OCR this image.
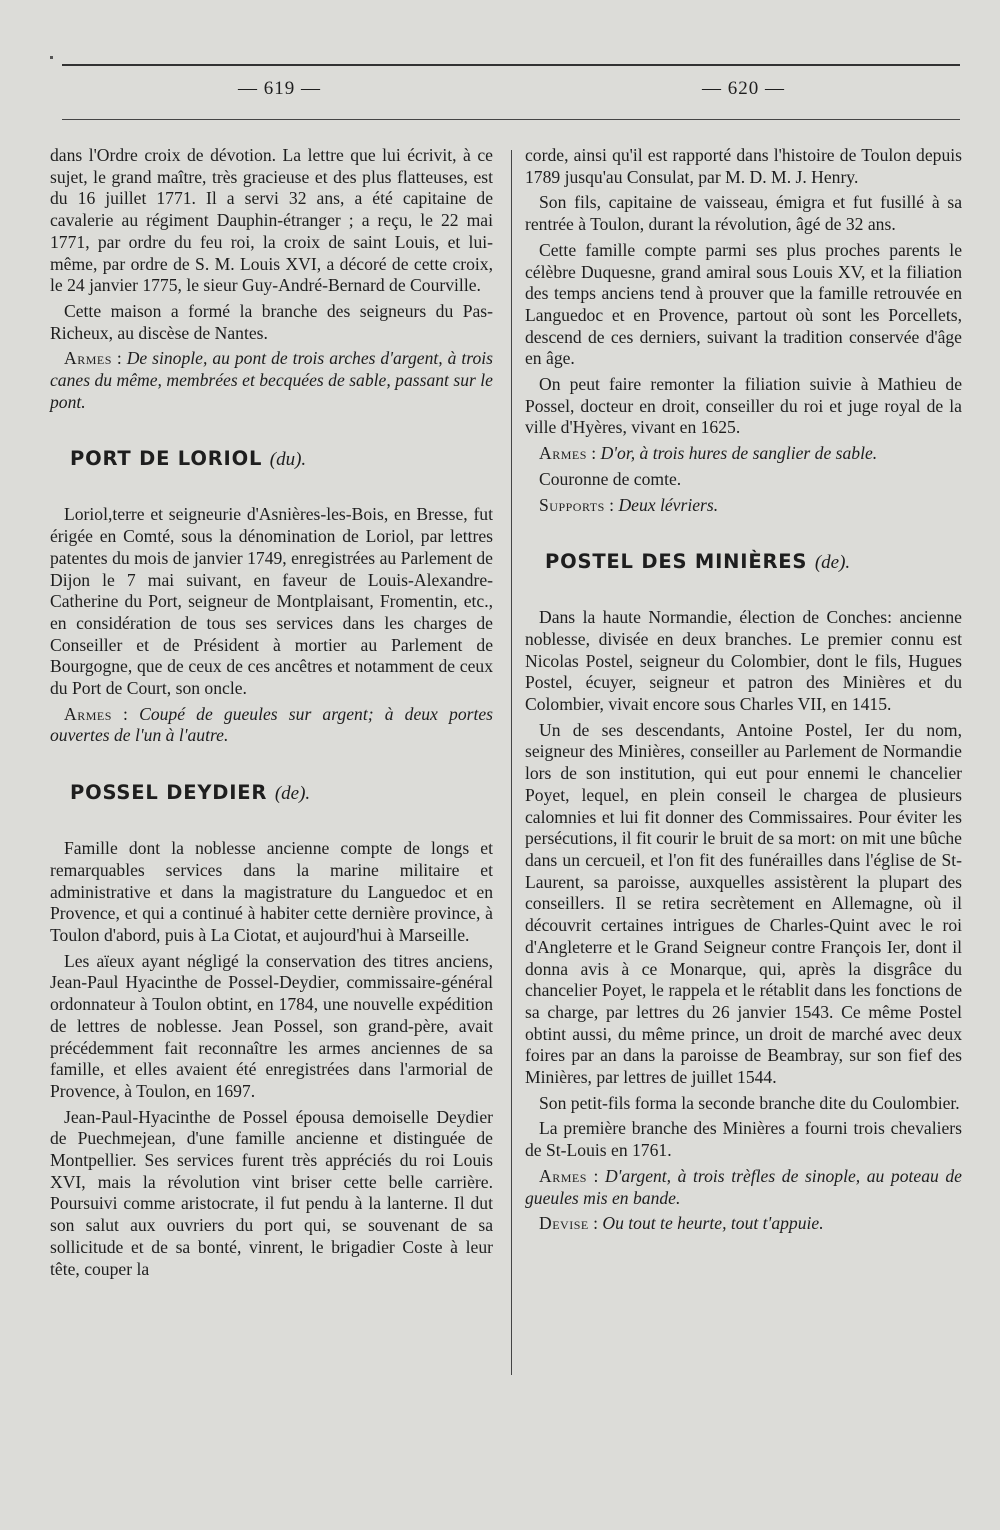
— 619 —	— 620 —

dans l'Ordre croix de dévotion. La lettre que lui écrivit, à ce sujet, le grand maître, très gracieuse et des plus flatteuses, est du 16 juillet 1771. Il a servi 32 ans, a été capitaine de cavalerie au régiment Dauphin-étranger ; a reçu, le 22 mai 1771, par ordre du feu roi, la croix de saint Louis, et lui-même, par ordre de S. M. Louis XVI, a décoré de cette croix, le 24 janvier 1775, le sieur Guy-André-Bernard de Courville.

Cette maison a formé la branche des seigneurs du Pas-Richeux, au discèse de Nantes.

Armes : De sinople, au pont de trois arches d'argent, à trois canes du même, membrées et becquées de sable, passant sur le pont.

PORT DE LORIOL (du).

Loriol,terre et seigneurie d'Asnières-les-Bois, en Bresse, fut érigée en Comté, sous la dénomination de Loriol, par lettres patentes du mois de janvier 1749, enregistrées au Parlement de Dijon le 7 mai suivant, en faveur de Louis-Alexandre-Catherine du Port, seigneur de Montplaisant, Fromentin, etc., en considération de tous ses services dans les charges de Conseiller et de Président à mortier au Parlement de Bourgogne, que de ceux de ces ancêtres et notamment de ceux du Port de Court, son oncle.

Armes : Coupé de gueules sur argent; à deux portes ouvertes de l'un à l'autre.

POSSEL DEYDIER (de).

Famille dont la noblesse ancienne compte de longs et remarquables services dans la marine militaire et administrative et dans la magistrature du Languedoc et en Provence, et qui a continué à habiter cette dernière province, à Toulon d'abord, puis à La Ciotat, et aujourd'hui à Marseille.

Les aïeux ayant négligé la conservation des titres anciens, Jean-Paul Hyacinthe de Possel-Deydier, commissaire-général ordonnateur à Toulon obtint, en 1784, une nouvelle expédition de lettres de noblesse. Jean Possel, son grand-père, avait précédemment fait reconnaître les armes anciennes de sa famille, et elles avaient été enregistrées dans l'armorial de Provence, à Toulon, en 1697.

Jean-Paul-Hyacinthe de Possel épousa demoiselle Deydier de Puechmejean, d'une famille ancienne et distinguée de Montpellier. Ses services furent très appréciés du roi Louis XVI, mais la révolution vint briser cette belle carrière. Poursuivi comme aristocrate, il fut pendu à la lanterne. Il dut son salut aux ouvriers du port qui, se souvenant de sa sollicitude et de sa bonté, vinrent, le brigadier Coste à leur tête, couper la

corde, ainsi qu'il est rapporté dans l'histoire de Toulon depuis 1789 jusqu'au Consulat, par M. D. M. J. Henry.

Son fils, capitaine de vaisseau, émigra et fut fusillé à sa rentrée à Toulon, durant la révolution, âgé de 32 ans.

Cette famille compte parmi ses plus proches parents le célèbre Duquesne, grand amiral sous Louis XV, et la filiation des temps anciens tend à prouver que la famille retrouvée en Languedoc et en Provence, partout où sont les Porcellets, descend de ces derniers, suivant la tradition conservée d'âge en âge.

On peut faire remonter la filiation suivie à Mathieu de Possel, docteur en droit, conseiller du roi et juge royal de la ville d'Hyères, vivant en 1625.

Armes : D'or, à trois hures de sanglier de sable.

Couronne de comte.

Supports : Deux lévriers.

POSTEL DES MINIÈRES (de).

Dans la haute Normandie, élection de Conches: ancienne noblesse, divisée en deux branches. Le premier connu est Nicolas Postel, seigneur du Colombier, dont le fils, Hugues Postel, écuyer, seigneur et patron des Minières et du Colombier, vivait encore sous Charles VII, en 1415.

Un de ses descendants, Antoine Postel, Ier du nom, seigneur des Minières, conseiller au Parlement de Normandie lors de son institution, qui eut pour ennemi le chancelier Poyet, lequel, en plein conseil le chargea de plusieurs calomnies et lui fit donner des Commissaires. Pour éviter les persécutions, il fit courir le bruit de sa mort: on mit une bûche dans un cercueil, et l'on fit des funérailles dans l'église de St-Laurent, sa paroisse, auxquelles assistèrent la plupart des conseillers. Il se retira secrètement en Allemagne, où il découvrit certaines intrigues de Charles-Quint avec le roi d'Angleterre et le Grand Seigneur contre François Ier, dont il donna avis à ce Monarque, qui, après la disgrâce du chancelier Poyet, le rappela et le rétablit dans les fonctions de sa charge, par lettres du 26 janvier 1543. Ce même Postel obtint aussi, du même prince, un droit de marché avec deux foires par an dans la paroisse de Beambray, sur son fief des Minières, par lettres de juillet 1544.

Son petit-fils forma la seconde branche dite du Coulombier.

La première branche des Minières a fourni trois chevaliers de St-Louis en 1761.

Armes : D'argent, à trois trèfles de sinople, au poteau de gueules mis en bande.

Devise : Ou tout te heurte, tout t'appuie.
